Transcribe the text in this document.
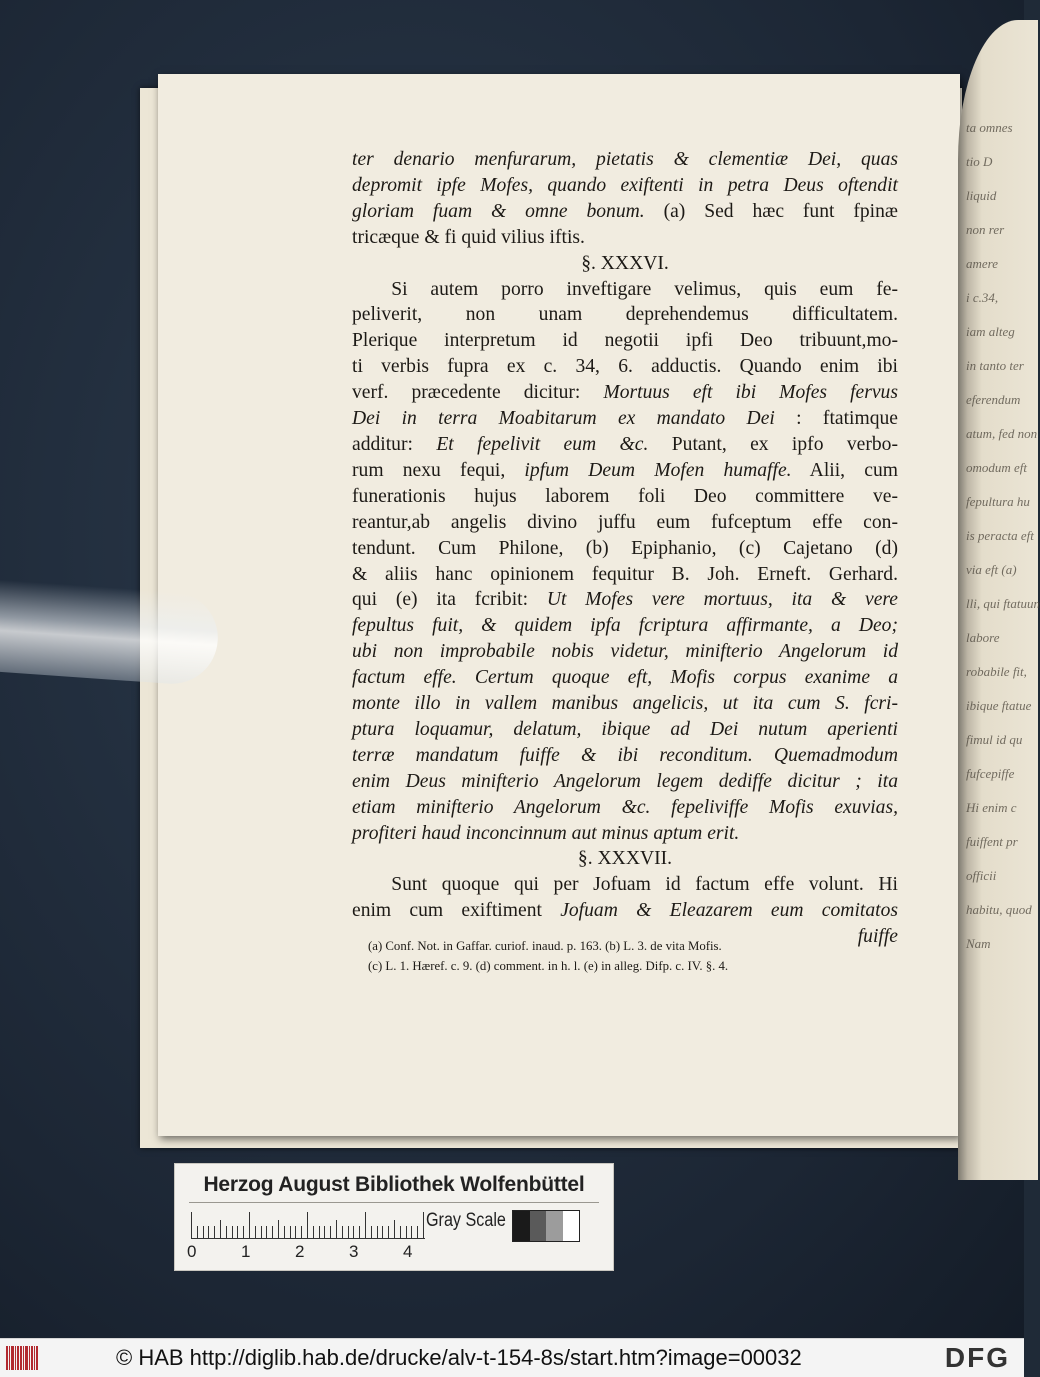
ta omnes
tio D
liquid
non rer
amere
i c.34,
iam alteg
in tanto ter
eferendum
atum, fed non
omodum eft
fepultura hu
is peracta eft
via eft (a)
lli, qui ftatuun
labore
robabile fit,
ibique ftatue
fimul id qu
fufcepiffe
Hi enim c
fuiffent pr
officii
habitu, quod
Nam
ter denario menfurarum, pietatis & clementiæ Dei, quas
depromit ipfe Mofes, quando exiftenti in petra Deus oftendit
gloriam fuam & omne bonum. (a) Sed hæc funt fpinæ
tricæque & fi quid vilius iftis.
§. XXXVI.
  Si autem porro inveftigare velimus, quis eum fe-
peliverit, non unam deprehendemus difficultatem.
Plerique interpretum id negotii ipfi Deo tribuunt,mo-
ti verbis fupra ex c. 34, 6. adductis. Quando enim ibi
verf. præcedente dicitur: Mortuus eft ibi Mofes fervus
Dei in terra Moabitarum ex mandato Dei : ftatimque
additur: Et fepelivit eum &c. Putant, ex ipfo verbo-
rum nexu fequi, ipfum Deum Mofen humaffe. Alii, cum
funerationis hujus laborem foli Deo committere ve-
reantur,ab angelis divino juffu eum fufceptum effe con-
tendunt. Cum Philone, (b) Epiphanio, (c) Cajetano (d)
& aliis hanc opinionem fequitur B. Joh. Erneft. Gerhard.
qui (e) ita fcribit: Ut Mofes vere mortuus, ita & vere
fepultus fuit, & quidem ipfa fcriptura affirmante, a Deo;
ubi non improbabile nobis videtur, minifterio Angelorum id
factum effe. Certum quoque eft, Mofis corpus exanime a
monte illo in vallem manibus angelicis, ut ita cum S. fcri-
ptura loquamur, delatum, ibique ad Dei nutum aperienti
terræ mandatum fuiffe & ibi reconditum. Quemadmodum
enim Deus minifterio Angelorum legem dediffe dicitur ; ita
etiam minifterio Angelorum &c. fepeliviffe Mofis exuvias,
profiteri haud inconcinnum aut minus aptum erit.
§. XXXVII.
  Sunt quoque qui per Jofuam id factum effe volunt. Hi
enim cum exiftiment Jofuam & Eleazarem eum comitatos
fuiffe
(a) Conf. Not. in Gaffar. curiof. inaud. p. 163. (b) L. 3. de vita Mofis.
(c) L. 1. Hæref. c. 9. (d) comment. in h. l. (e) in alleg. Difp. c. IV. §. 4.
Herzog August Bibliothek Wolfenbüttel
0	1	2	3	4
Gray Scale
© HAB http://diglib.hab.de/drucke/alv-t-154-8s/start.htm?image=00032	DFG
